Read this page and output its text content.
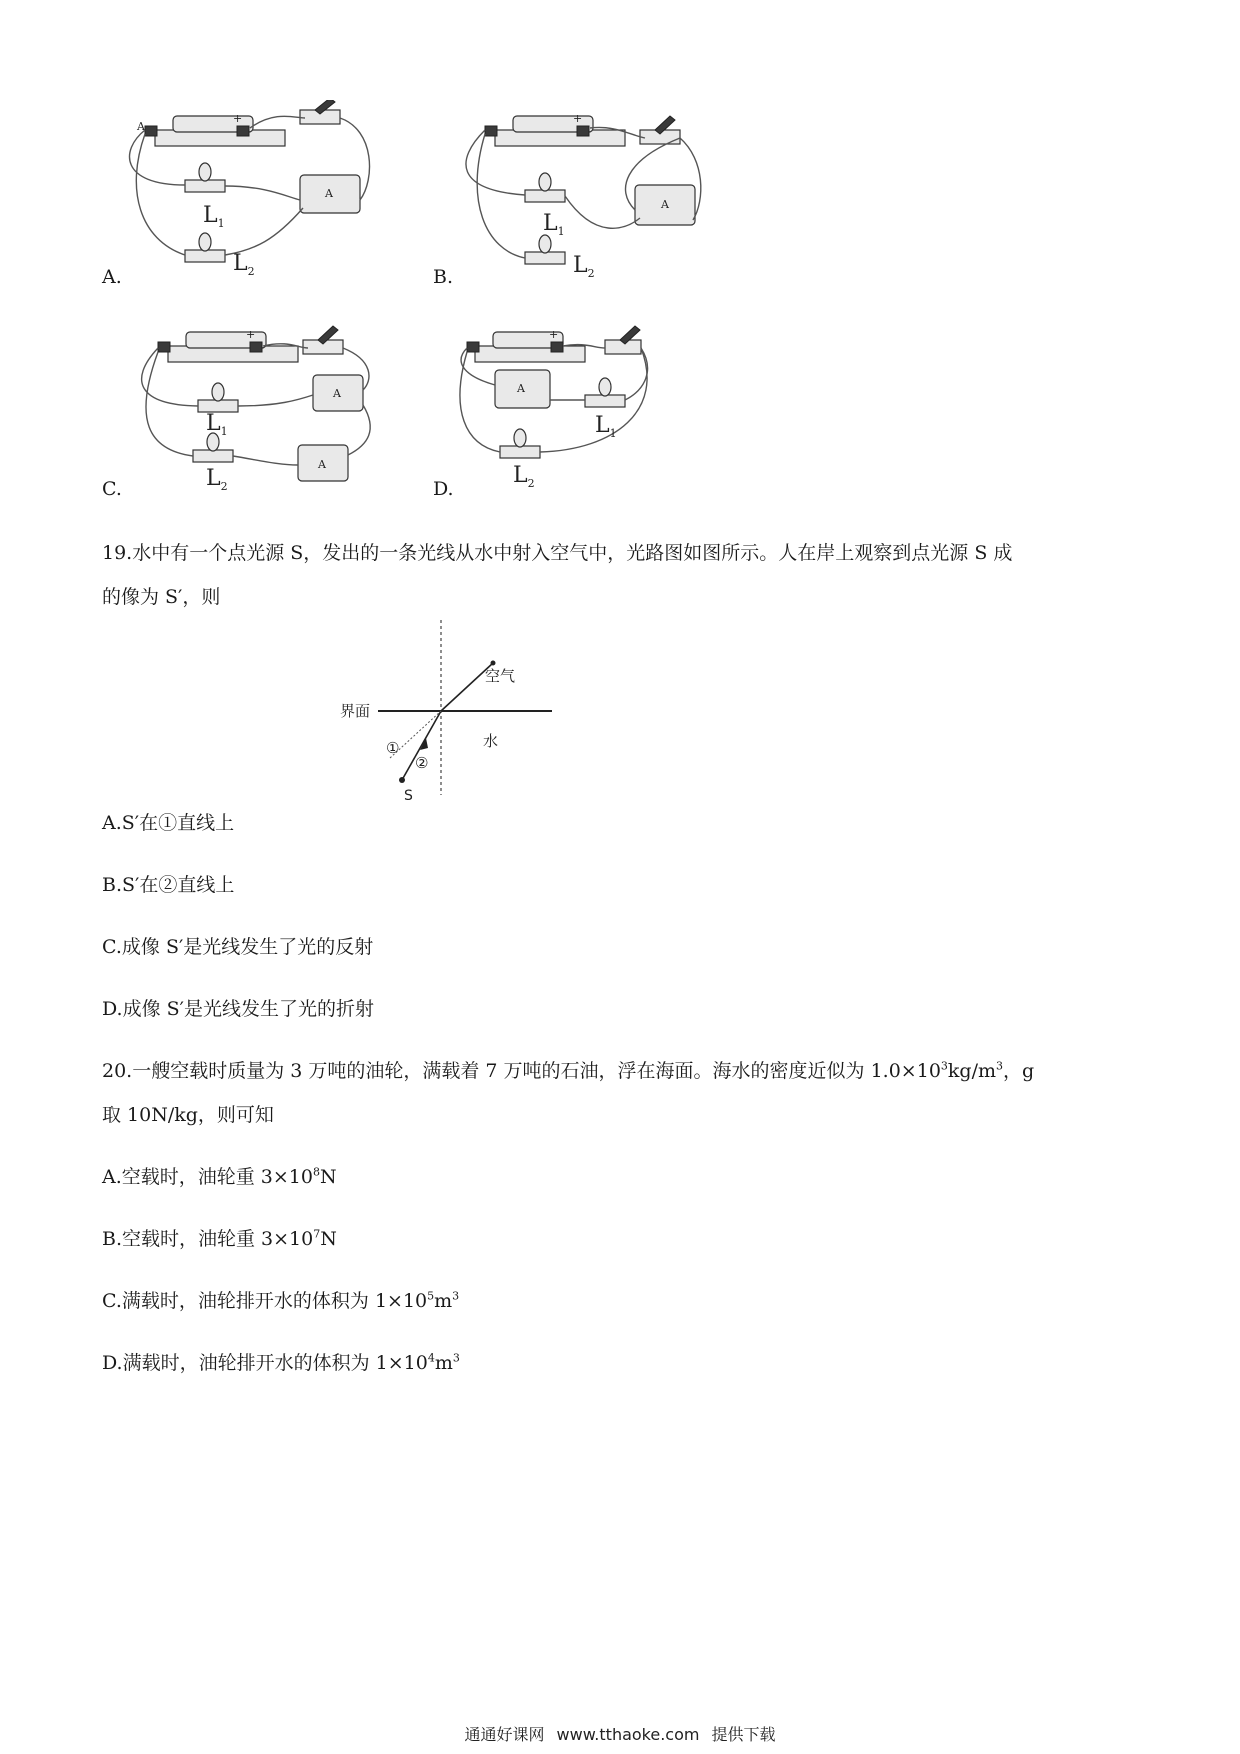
A
+
A
$L_1$
$L_2$
A.
+
A
$L_1$
$L_2$
B.
+
A
A
$L_1$
$L_2$
C.
+
A
$L_1$
$L_2$
D.
19.水中有一个点光源 S，发出的一条光线从水中射入空气中，光路图如图所示。人在岸上观察到点光源 S 成
的像为 S′，则
界面
空气
水
①
②
S
A.S′在①直线上
B.S′在②直线上
C.成像 S′是光线发生了光的反射
D.成像 S′是光线发生了光的折射
20.一艘空载时质量为 3 万吨的油轮，满载着 7 万吨的石油，浮在海面。海水的密度近似为 $1.0\times 10^3kg/m^3$，g
取 10N/kg，则可知
A.空载时，油轮重 $3\times 10^8N$
B.空载时，油轮重 $3\times 10^7N$
C.满载时，油轮排开水的体积为 $1\times 10^5m^3$
D.满载时，油轮排开水的体积为 $1\times 10^4m^3$
通通好课网 www.tthaoke.com 提供下载
